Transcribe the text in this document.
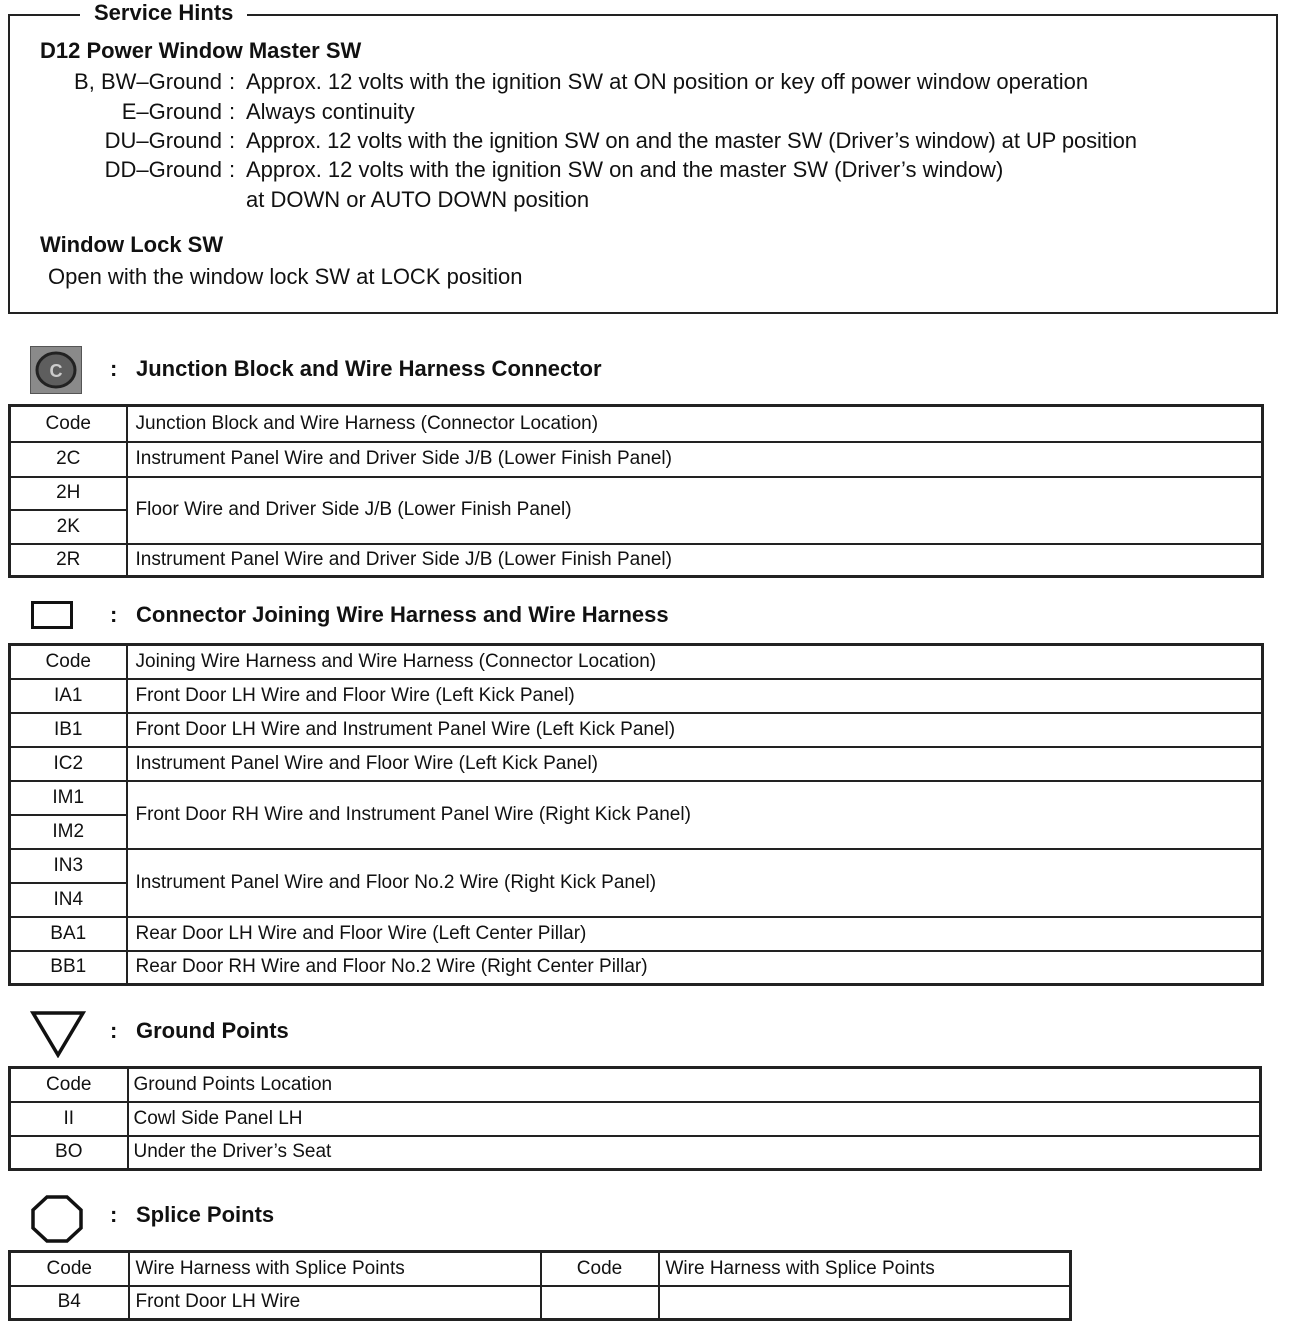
Service Hints
D12 Power Window Master SW
B, BW–Ground : Approx. 12 volts with the ignition SW at ON position or key off power window operation
E–Ground : Always continuity
DU–Ground : Approx. 12 volts with the ignition SW on and the master SW (Driver’s window) at UP position
DD–Ground : Approx. 12 volts with the ignition SW on and the master SW (Driver’s window)
at DOWN or AUTO DOWN position
Window Lock SW
Open with the window lock SW at LOCK position
C : Junction Block and Wire Harness Connector
Code	Junction Block and Wire Harness (Connector Location)
2C	Instrument Panel Wire and Driver Side J/B (Lower Finish Panel)
2H	Floor Wire and Driver Side J/B (Lower Finish Panel)
2K	
2R	Instrument Panel Wire and Driver Side J/B (Lower Finish Panel)
: Connector Joining Wire Harness and Wire Harness
Code	Joining Wire Harness and Wire Harness (Connector Location)
IA1	Front Door LH Wire and Floor Wire (Left Kick Panel)
IB1	Front Door LH Wire and Instrument Panel Wire (Left Kick Panel)
IC2	Instrument Panel Wire and Floor Wire (Left Kick Panel)
IM1	Front Door RH Wire and Instrument Panel Wire (Right Kick Panel)
IM2	
IN3	Instrument Panel Wire and Floor No.2 Wire (Right Kick Panel)
IN4	
BA1	Rear Door LH Wire and Floor Wire (Left Center Pillar)
BB1	Rear Door RH Wire and Floor No.2 Wire (Right Center Pillar)
: Ground Points
Code	Ground Points Location
II	Cowl Side Panel LH
BO	Under the Driver’s Seat
: Splice Points
Code	Wire Harness with Splice Points	Code	Wire Harness with Splice Points
B4	Front Door LH Wire		
